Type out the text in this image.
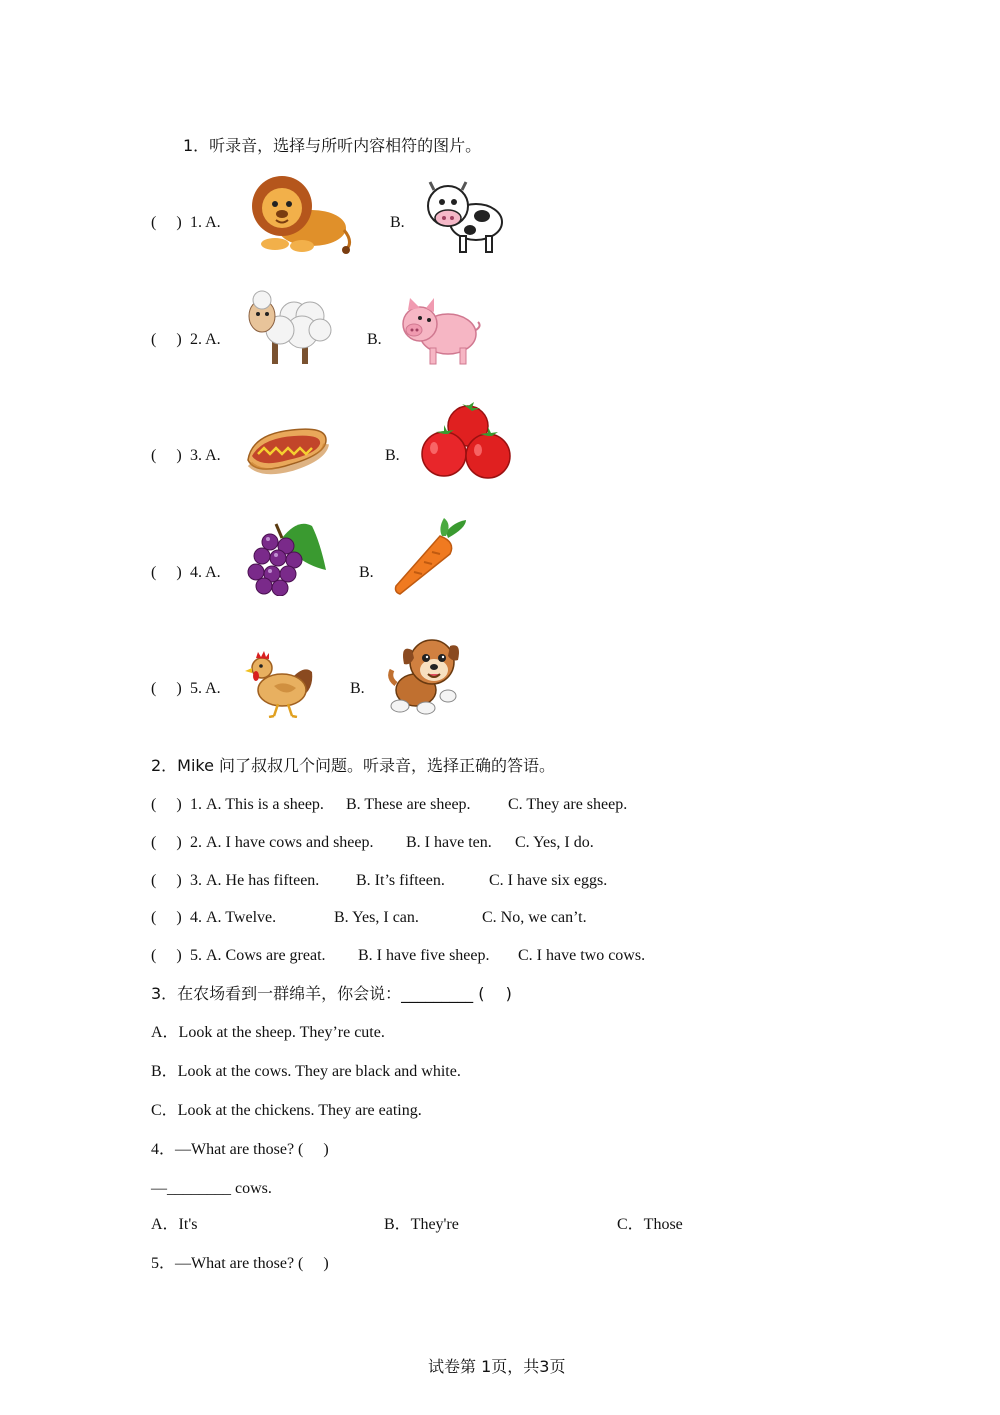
1．听录音，选择与所听内容相符的图片。
(　 ) 1. A.	B.
(　 ) 2. A.	B.
(　 ) 3. A.	B.
(　 ) 4. A.	B.
(　 ) 5. A.	B.
2．Mike 问了叔叔几个问题。听录音，选择正确的答语。
(　 ) 1. A. This is a sheep. B. These are sheep. C. They are sheep.
(　 ) 2. A. I have cows and sheep. B. I have ten. C. Yes, I do.
(　 ) 3. A. He has fifteen. B. It’s fifteen.	C. I have six eggs.
(　 ) 4. A. Twelve.	B. Yes, I can.	C. No, we can’t.
(　 ) 5. A. Cows are great. B. I have five sheep. C. I have two cows.
3．在农场看到一群绵羊，你会说：_________ (　 )
A．Look at the sheep. They’re cute.
B．Look at the cows. They are black and white.
C．Look at the chickens. They are eating.
4．—What are those? (　 )
—________ cows.
A．It's	B．They're	C．Those
5．—What are those? (　 )
试卷第 1页，共3页
